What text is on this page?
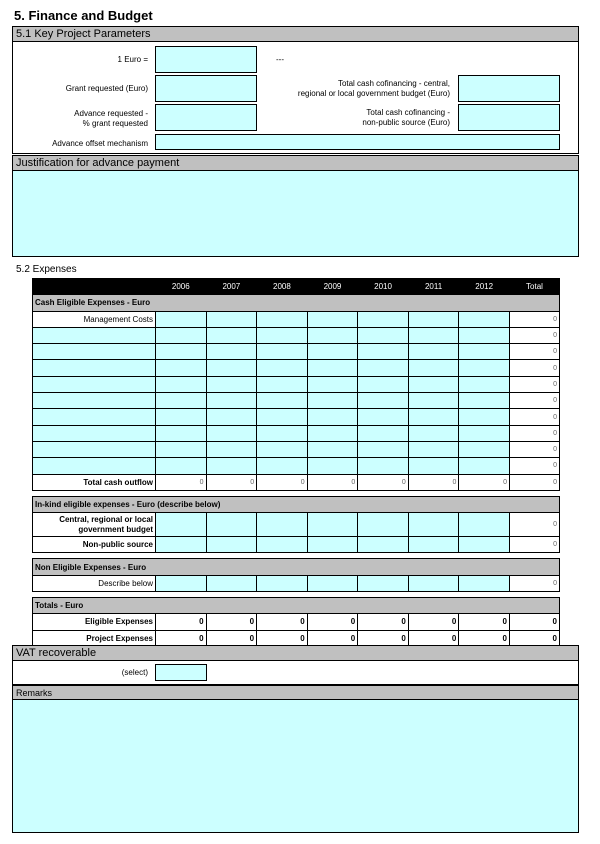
5. Finance and Budget
5.1 Key Project Parameters
1 Euro =	---
Grant requested (Euro)
Advance requested -
% grant requested
Advance offset mechanism
Total cash cofinancing - central,
regional or local government budget (Euro)
Total cash cofinancing -
non-public source (Euro)
Justification for advance payment
5.2 Expenses
	2006	2007	2008	2009	2010	2011	2012	Total
Cash Eligible Expenses - Euro								
Management Costs								0
								0
								0
								0
								0
								0
								0
								0
								0
								0
Total cash outflow	0	0	0	0	0	0	0	0

In-kind eligible expenses - Euro (describe below)								

Central, regional or local
government budget								0
Non-public source								0

Non Eligible Expenses - Euro								
Describe below								0

Totals - Euro								
Eligible Expenses	0	0	0	0	0	0	0	0
Project Expenses	0	0	0	0	0	0	0	0
VAT recoverable
(select)
Remarks
